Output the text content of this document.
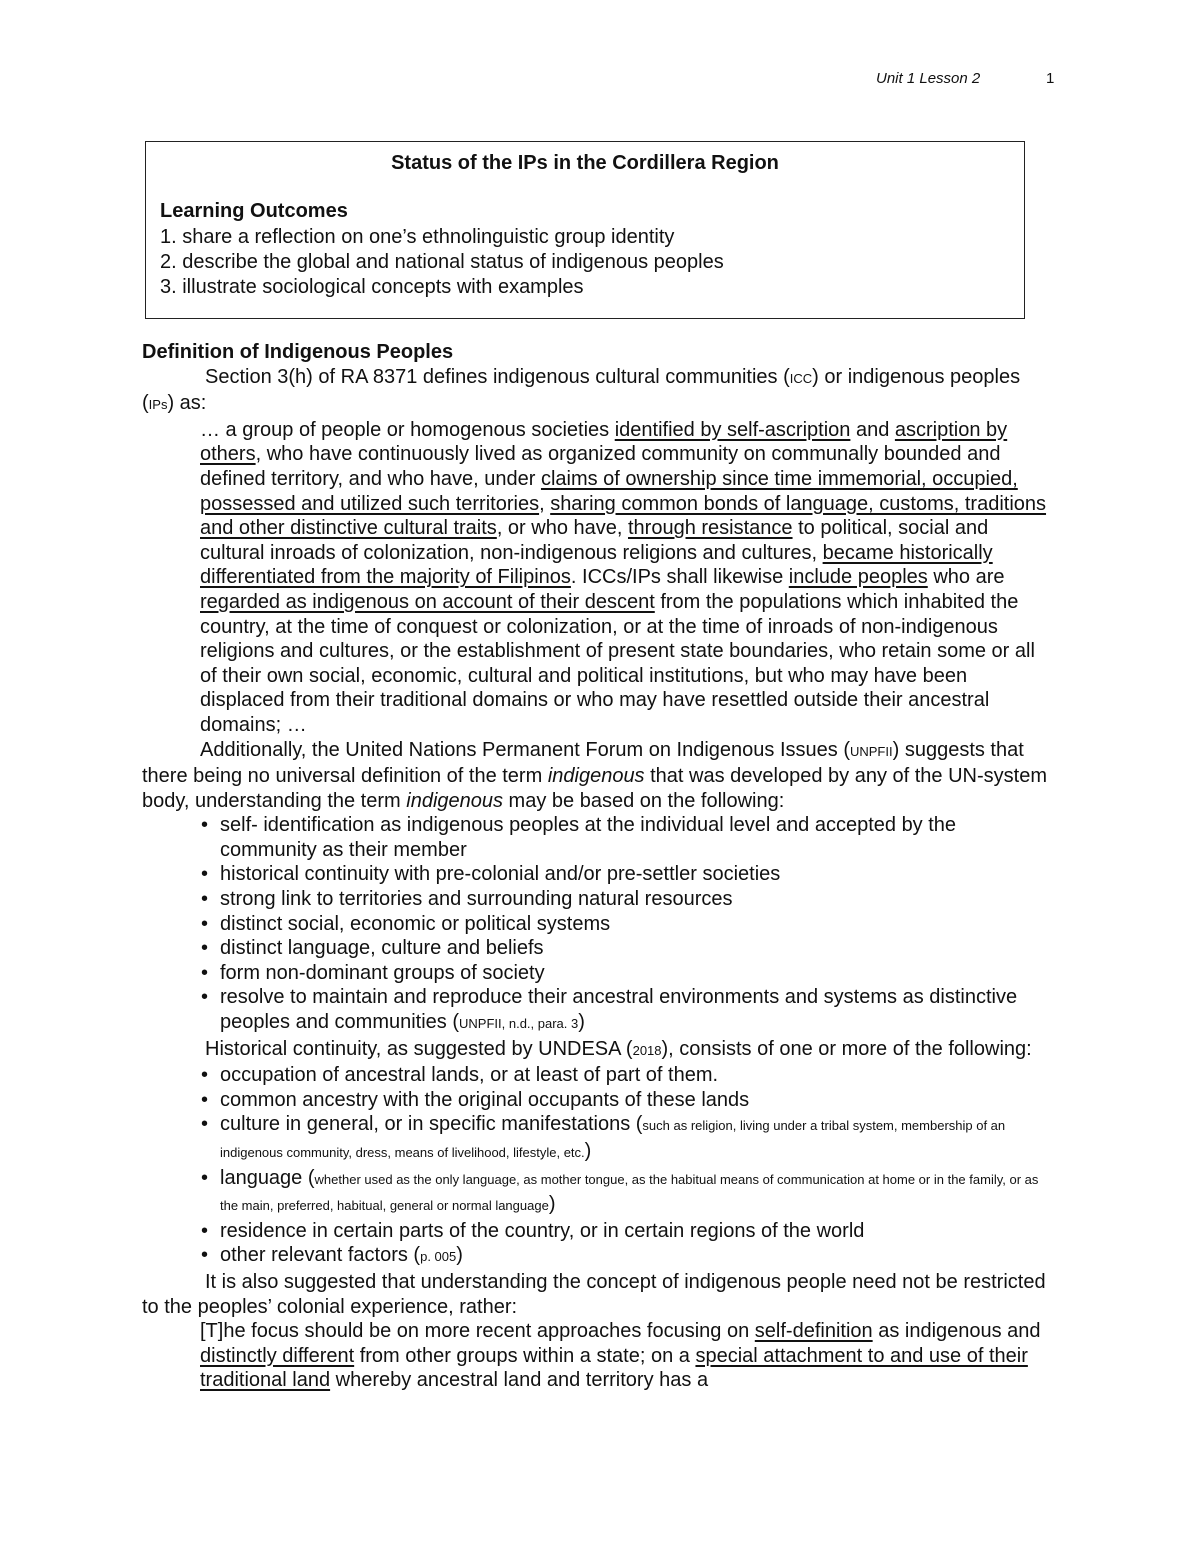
Unit 1 Lesson 2	1
Status of the IPs in the Cordillera Region
Learning Outcomes
1. share a reflection on one’s ethnolinguistic group identity
2. describe the global and national status of indigenous peoples
3. illustrate sociological concepts with examples

Definition of Indigenous Peoples

Section 3(h) of RA 8371 defines indigenous cultural communities (ICC) or indigenous peoples (IPs) as:

… a group of people or homogenous societies identified by self-ascription and ascription by others, who have continuously lived as organized community on communally bounded and defined territory, and who have, under claims of ownership since time immemorial, occupied, possessed and utilized such territories, sharing common bonds of language, customs, traditions and other distinctive cultural traits, or who have, through resistance to political, social and cultural inroads of colonization, non-indigenous religions and cultures, became historically differentiated from the majority of Filipinos. ICCs/IPs shall likewise include peoples who are regarded as indigenous on account of their descent from the populations which inhabited the country, at the time of conquest or colonization, or at the time of inroads of non-indigenous religions and cultures, or the establishment of present state boundaries, who retain some or all of their own social, economic, cultural and political institutions, but who may have been displaced from their traditional domains or who may have resettled outside their ancestral domains; …

Additionally, the United Nations Permanent Forum on Indigenous Issues (UNPFII) suggests that there being no universal definition of the term indigenous that was developed by any of the UN-system body, understanding the term indigenous may be based on the following:

• self- identification as indigenous peoples at the individual level and accepted by the community as their member
• historical continuity with pre-colonial and/or pre-settler societies
• strong link to territories and surrounding natural resources
• distinct social, economic or political systems
• distinct language, culture and beliefs
• form non-dominant groups of society
• resolve to maintain and reproduce their ancestral environments and systems as distinctive peoples and communities (UNPFII, n.d., para. 3)

Historical continuity, as suggested by UNDESA (2018), consists of one or more of the following:

• occupation of ancestral lands, or at least of part of them.
• common ancestry with the original occupants of these lands
• culture in general, or in specific manifestations (such as religion, living under a tribal system, membership of an indigenous community, dress, means of livelihood, lifestyle, etc.)
• language (whether used as the only language, as mother tongue, as the habitual means of communication at home or in the family, or as the main, preferred, habitual, general or normal language)
• residence in certain parts of the country, or in certain regions of the world
• other relevant factors (p. 005)

It is also suggested that understanding the concept of indigenous people need not be restricted to the peoples’ colonial experience, rather:

[T]he focus should be on more recent approaches focusing on self-definition as indigenous and distinctly different from other groups within a state; on a special attachment to and use of their traditional land whereby ancestral land and territory has a
